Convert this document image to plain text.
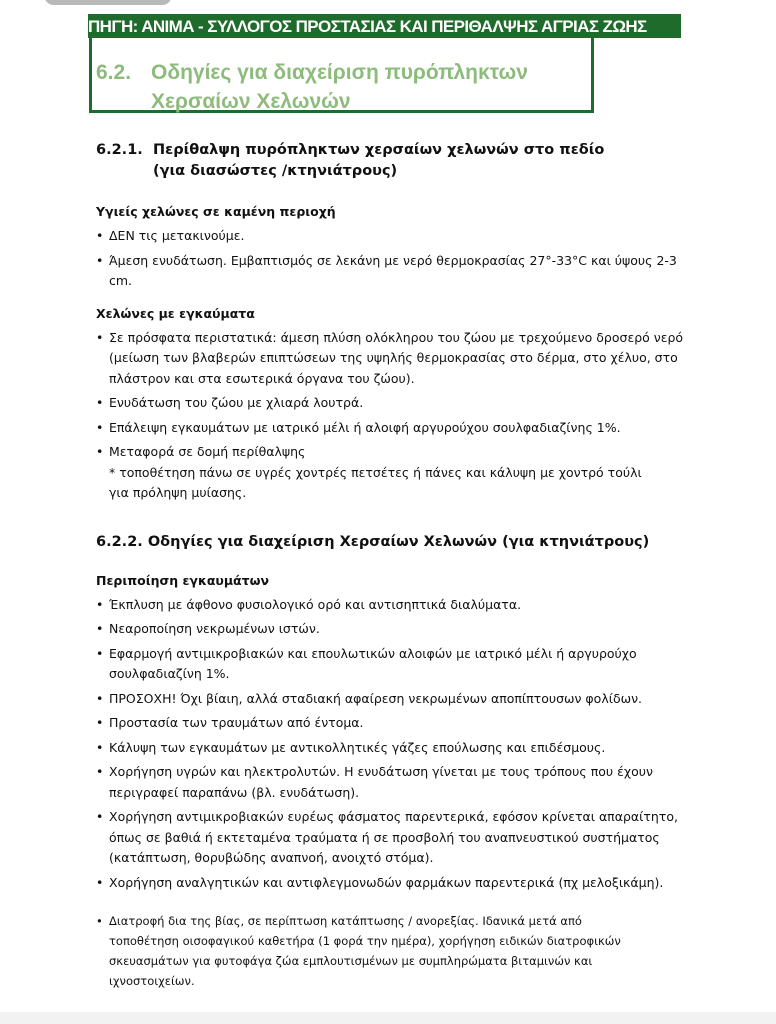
ΠΗΓΗ: ΑΝΙΜΑ - ΣΥΛΛΟΓΟΣ ΠΡΟΣΤΑΣΙΑΣ ΚΑΙ ΠΕΡΙΘΑΛΨΗΣ ΑΓΡΙΑΣ ΖΩΗΣ
6.2. Οδηγίες για διαχείριση πυρόπληκτων
Χερσαίων Χελωνών
6.2.1. Περίθαλψη πυρόπληκτων χερσαίων χελωνών στο πεδίο
(για διασώστες /κτηνιάτρους)
Υγιείς χελώνες σε καμένη περιοχή
• ΔΕΝ τις μετακινούμε.
• Άμεση ενυδάτωση. Εμβαπτισμός σε λεκάνη με νερό θερμοκρασίας 27°-33°C και ύψους 2-3 cm.
Χελώνες με εγκαύματα
• Σε πρόσφατα περιστατικά: άμεση πλύση ολόκληρου του ζώου με τρεχούμενο δροσερό νερό (μείωση των βλαβερών επιπτώσεων της υψηλής θερμοκρασίας στο δέρμα, στο χέλυο, στο πλάστρον και στα εσωτερικά όργανα του ζώου).
• Ενυδάτωση του ζώου με χλιαρά λουτρά.
• Επάλειψη εγκαυμάτων με ιατρικό μέλι ή αλοιφή αργυρούχου σουλφαδιαζίνης 1%.
• Μεταφορά σε δομή περίθαλψης
* τοποθέτηση πάνω σε υγρές χοντρές πετσέτες ή πάνες και κάλυψη με χοντρό τούλι για πρόληψη μυίασης.
6.2.2. Οδηγίες για διαχείριση Χερσαίων Χελωνών (για κτηνιάτρους)
Περιποίηση εγκαυμάτων
• Έκπλυση με άφθονο φυσιολογικό ορό και αντισηπτικά διαλύματα.
• Νεαροποίηση νεκρωμένων ιστών.
• Εφαρμογή αντιμικροβιακών και επουλωτικών αλοιφών με ιατρικό μέλι ή αργυρούχο σουλφαδιαζίνη 1%.
• ΠΡΟΣΟΧΗ! Όχι βίαιη, αλλά σταδιακή αφαίρεση νεκρωμένων αποπίπτουσων φολίδων.
• Προστασία των τραυμάτων από έντομα.
• Κάλυψη των εγκαυμάτων με αντικολλητικές γάζες επούλωσης και επιδέσμους.
• Χορήγηση υγρών και ηλεκτρολυτών. Η ενυδάτωση γίνεται με τους τρόπους που έχουν περιγραφεί παραπάνω (βλ. ενυδάτωση).
• Χορήγηση αντιμικροβιακών ευρέως φάσματος παρεντερικά, εφόσον κρίνεται απαραίτητο, όπως σε βαθιά ή εκτεταμένα τραύματα ή σε προσβολή του αναπνευστικού συστήματος (κατάπτωση, θορυβώδης αναπνοή, ανοιχτό στόμα).
• Χορήγηση αναλγητικών και αντιφλεγμονωδών φαρμάκων παρεντερικά (πχ μελοξικάμη).
• Διατροφή δια της βίας, σε περίπτωση κατάπτωσης / ανορεξίας. Ιδανικά μετά από τοποθέτηση οισοφαγικού καθετήρα (1 φορά την ημέρα), χορήγηση ειδικών διατροφικών σκευασμάτων για φυτοφάγα ζώα εμπλουτισμένων με συμπληρώματα βιταμινών και ιχνοστοιχείων.
